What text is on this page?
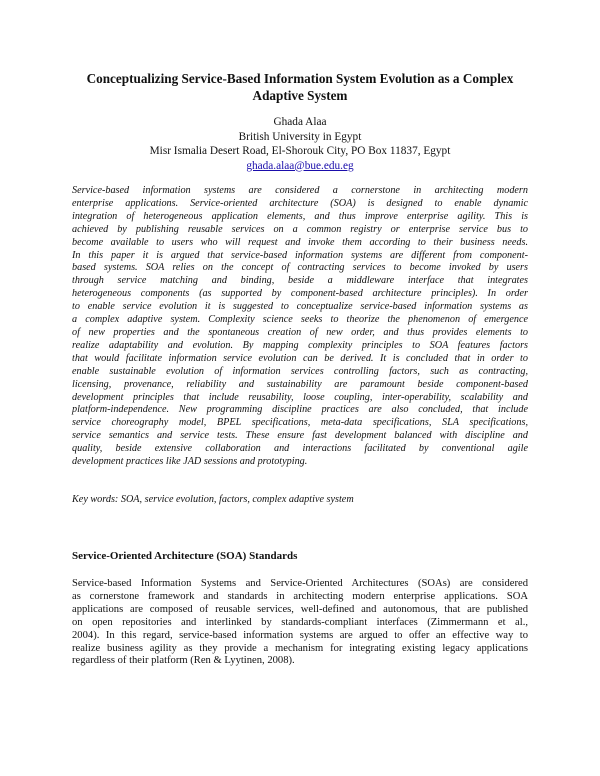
Conceptualizing Service-Based Information System Evolution as a Complex
Adaptive System
Ghada Alaa
British University in Egypt
Misr Ismalia Desert Road, El-Shorouk City, PO Box 11837, Egypt
ghada.alaa@bue.edu.eg
Service-based information systems are considered a cornerstone in architecting modern
enterprise applications. Service-oriented architecture (SOA) is designed to enable dynamic
integration of heterogeneous application elements, and thus improve enterprise agility. This is
achieved by publishing reusable services on a common registry or enterprise service bus to
become available to users who will request and invoke them according to their business needs.
In this paper it is argued that service-based information systems are different from component-
based systems. SOA relies on the concept of contracting services to become invoked by users
through service matching and binding, beside a middleware interface that integrates
heterogeneous components (as supported by component-based architecture principles). In order
to enable service evolution it is suggested to conceptualize service-based information systems as
a complex adaptive system. Complexity science seeks to theorize the phenomenon of emergence
of new properties and the spontaneous creation of new order, and thus provides elements to
realize adaptability and evolution. By mapping complexity principles to SOA features factors
that would facilitate information service evolution can be derived. It is concluded that in order to
enable sustainable evolution of information services controlling factors, such as contracting,
licensing, provenance, reliability and sustainability are paramount beside component-based
development principles that include reusability, loose coupling, inter-operability, scalability and
platform-independence. New programming discipline practices are also concluded, that include
service choreography model, BPEL specifications, meta-data specifications, SLA specifications,
service semantics and service tests. These ensure fast development balanced with discipline and
quality, beside extensive collaboration and interactions facilitated by conventional agile
development practices like JAD sessions and prototyping.
Key words: SOA, service evolution, factors, complex adaptive system
Service-Oriented Architecture (SOA) Standards
Service-based Information Systems and Service-Oriented Architectures (SOAs) are considered
as cornerstone framework and standards in architecting modern enterprise applications. SOA
applications are composed of reusable services, well-defined and autonomous, that are published
on open repositories and interlinked by standards-compliant interfaces (Zimmermann et al.,
2004). In this regard, service-based information systems are argued to offer an effective way to
realize business agility as they provide a mechanism for integrating existing legacy applications
regardless of their platform (Ren & Lyytinen, 2008).
